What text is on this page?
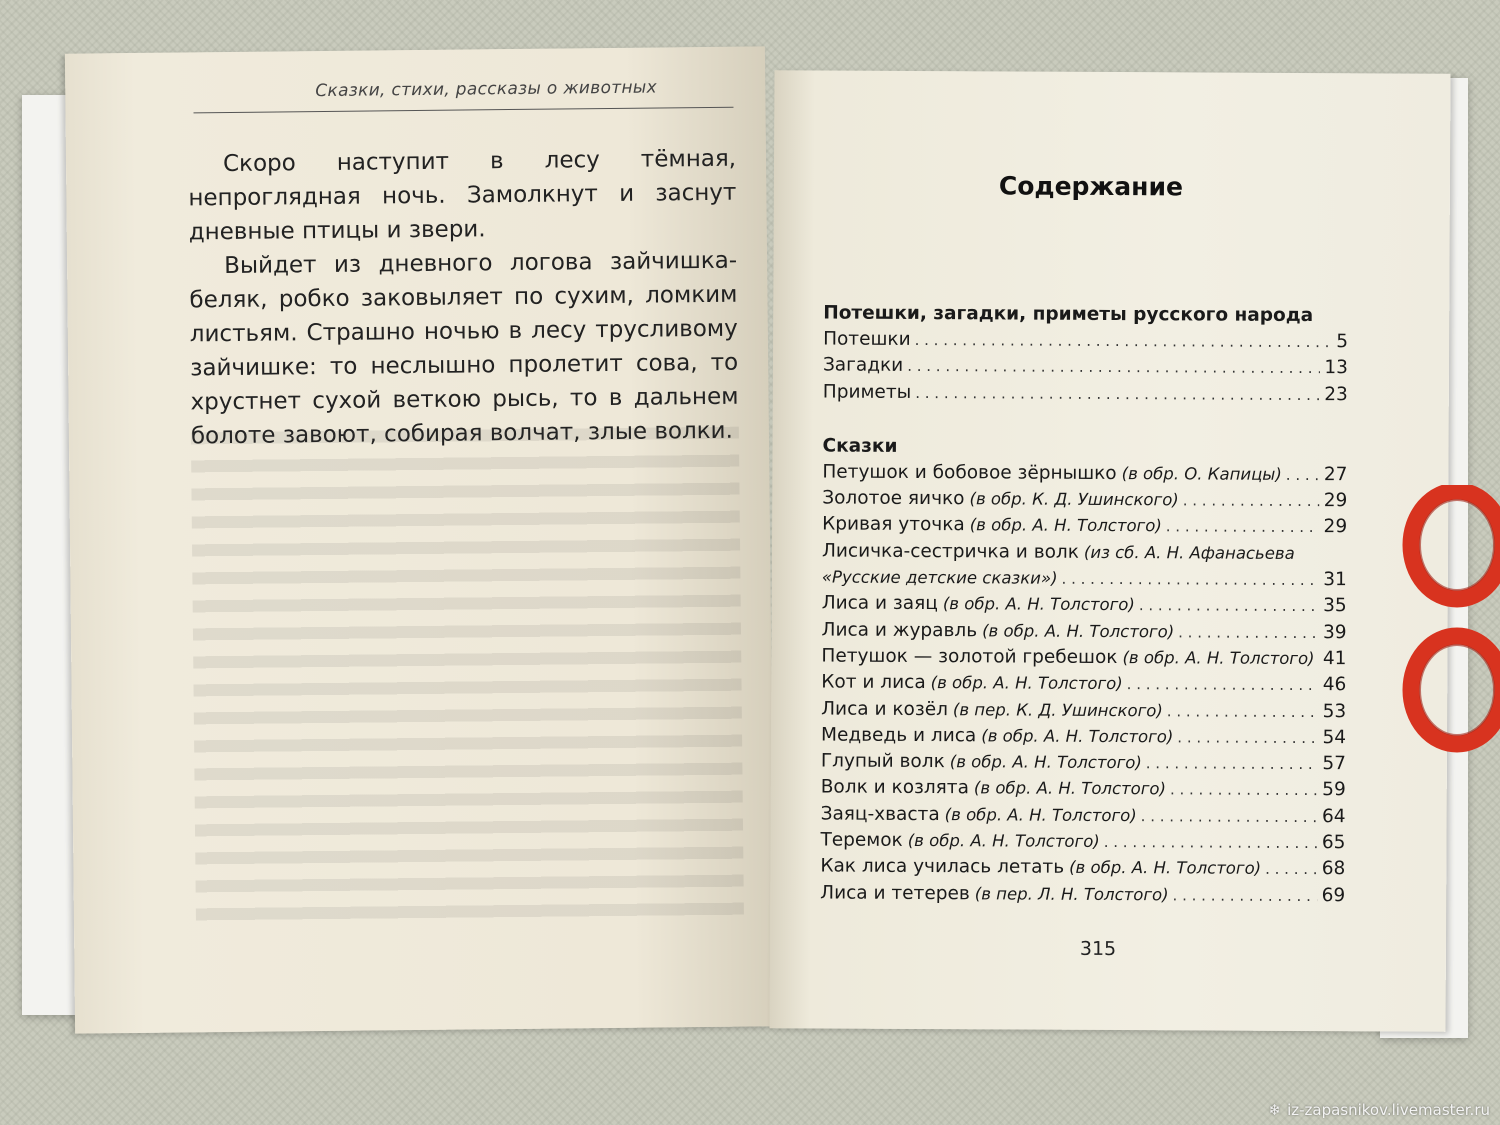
Сказки, стихи, рассказы о животных

Скоро наступит в лесу тёмная, непроглядная ночь. Замолкнут и заснут дневные птицы и звери.

Выйдет из дневного логова зайчишка-беляк, робко заковыляет по сухим, ломким листьям. Страшно ночью в лесу трусливому зайчишке: то неслышно пролетит сова, то хрустнет сухой веткою рысь, то в дальнем болоте завоют, собирая волчат, злые волки.

Содержание
Потешки, загадки, приметы русского народа
Потешки . . .	5
Загадки . . .	13
Приметы . . .	23
Сказки
Петушок и бобовое зёрнышко (в обр. О. Капицы) . . . 27
Золотое яичко (в обр. К. Д. Ушинского) . . .	29
Кривая уточка (в обр. А. Н. Толстого) . . .	29
Лисичка-сестричка и волк (из сб. А. Н. Афанасьева
«Русские детские сказки») . . .	31
Лиса и заяц (в обр. А. Н. Толстого) . . .	35
Лиса и журавль (в обр. А. Н. Толстого) . . .	39
Петушок — золотой гребешок (в обр. А. Н. Толстого) . . . 41
Кот и лиса (в обр. А. Н. Толстого) . . .	46
Лиса и козёл (в пер. К. Д. Ушинского) . . .	53
Медведь и лиса (в обр. А. Н. Толстого) . . .	54
Глупый волк (в обр. А. Н. Толстого) . . .	57
Волк и козлята (в обр. А. Н. Толстого) . . .	59
Заяц-хваста (в обр. А. Н. Толстого) . . .	64
Теремок (в обр. А. Н. Толстого) . . .	65
Как лиса училась летать (в обр. А. Н. Толстого) . . .	68
Лиса и тетерев (в пер. Л. Н. Толстого) . . .	69
315
❄ iz-zapasnikov.livemaster.ru
